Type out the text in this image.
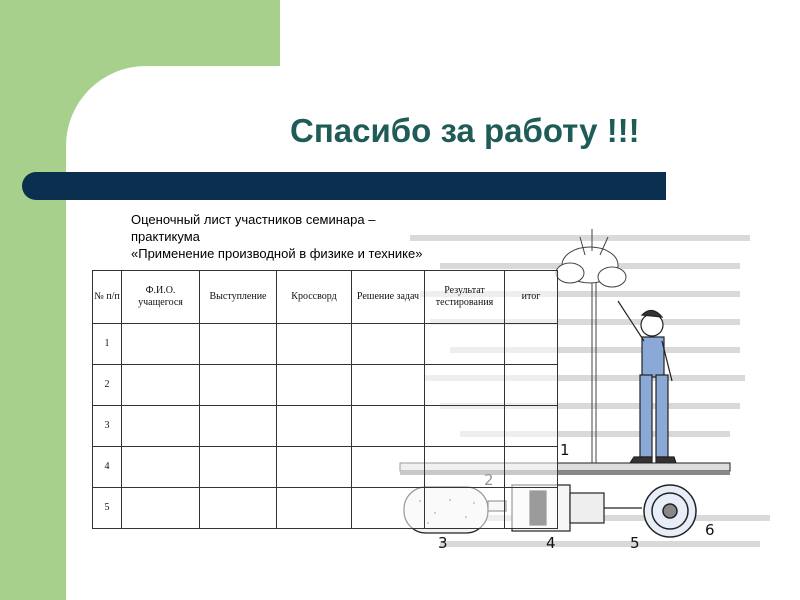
Спасибо за работу !!!
Оценочный лист участников семинара –
практикума
«Применение производной в физике и технике»
1
3	4	5
6
№ п/п	Ф.И.О. учащегося	Выступление	Кроссворд	Решение задач	Результат тестирования	итог
1						
2						
3						
4						
5						
